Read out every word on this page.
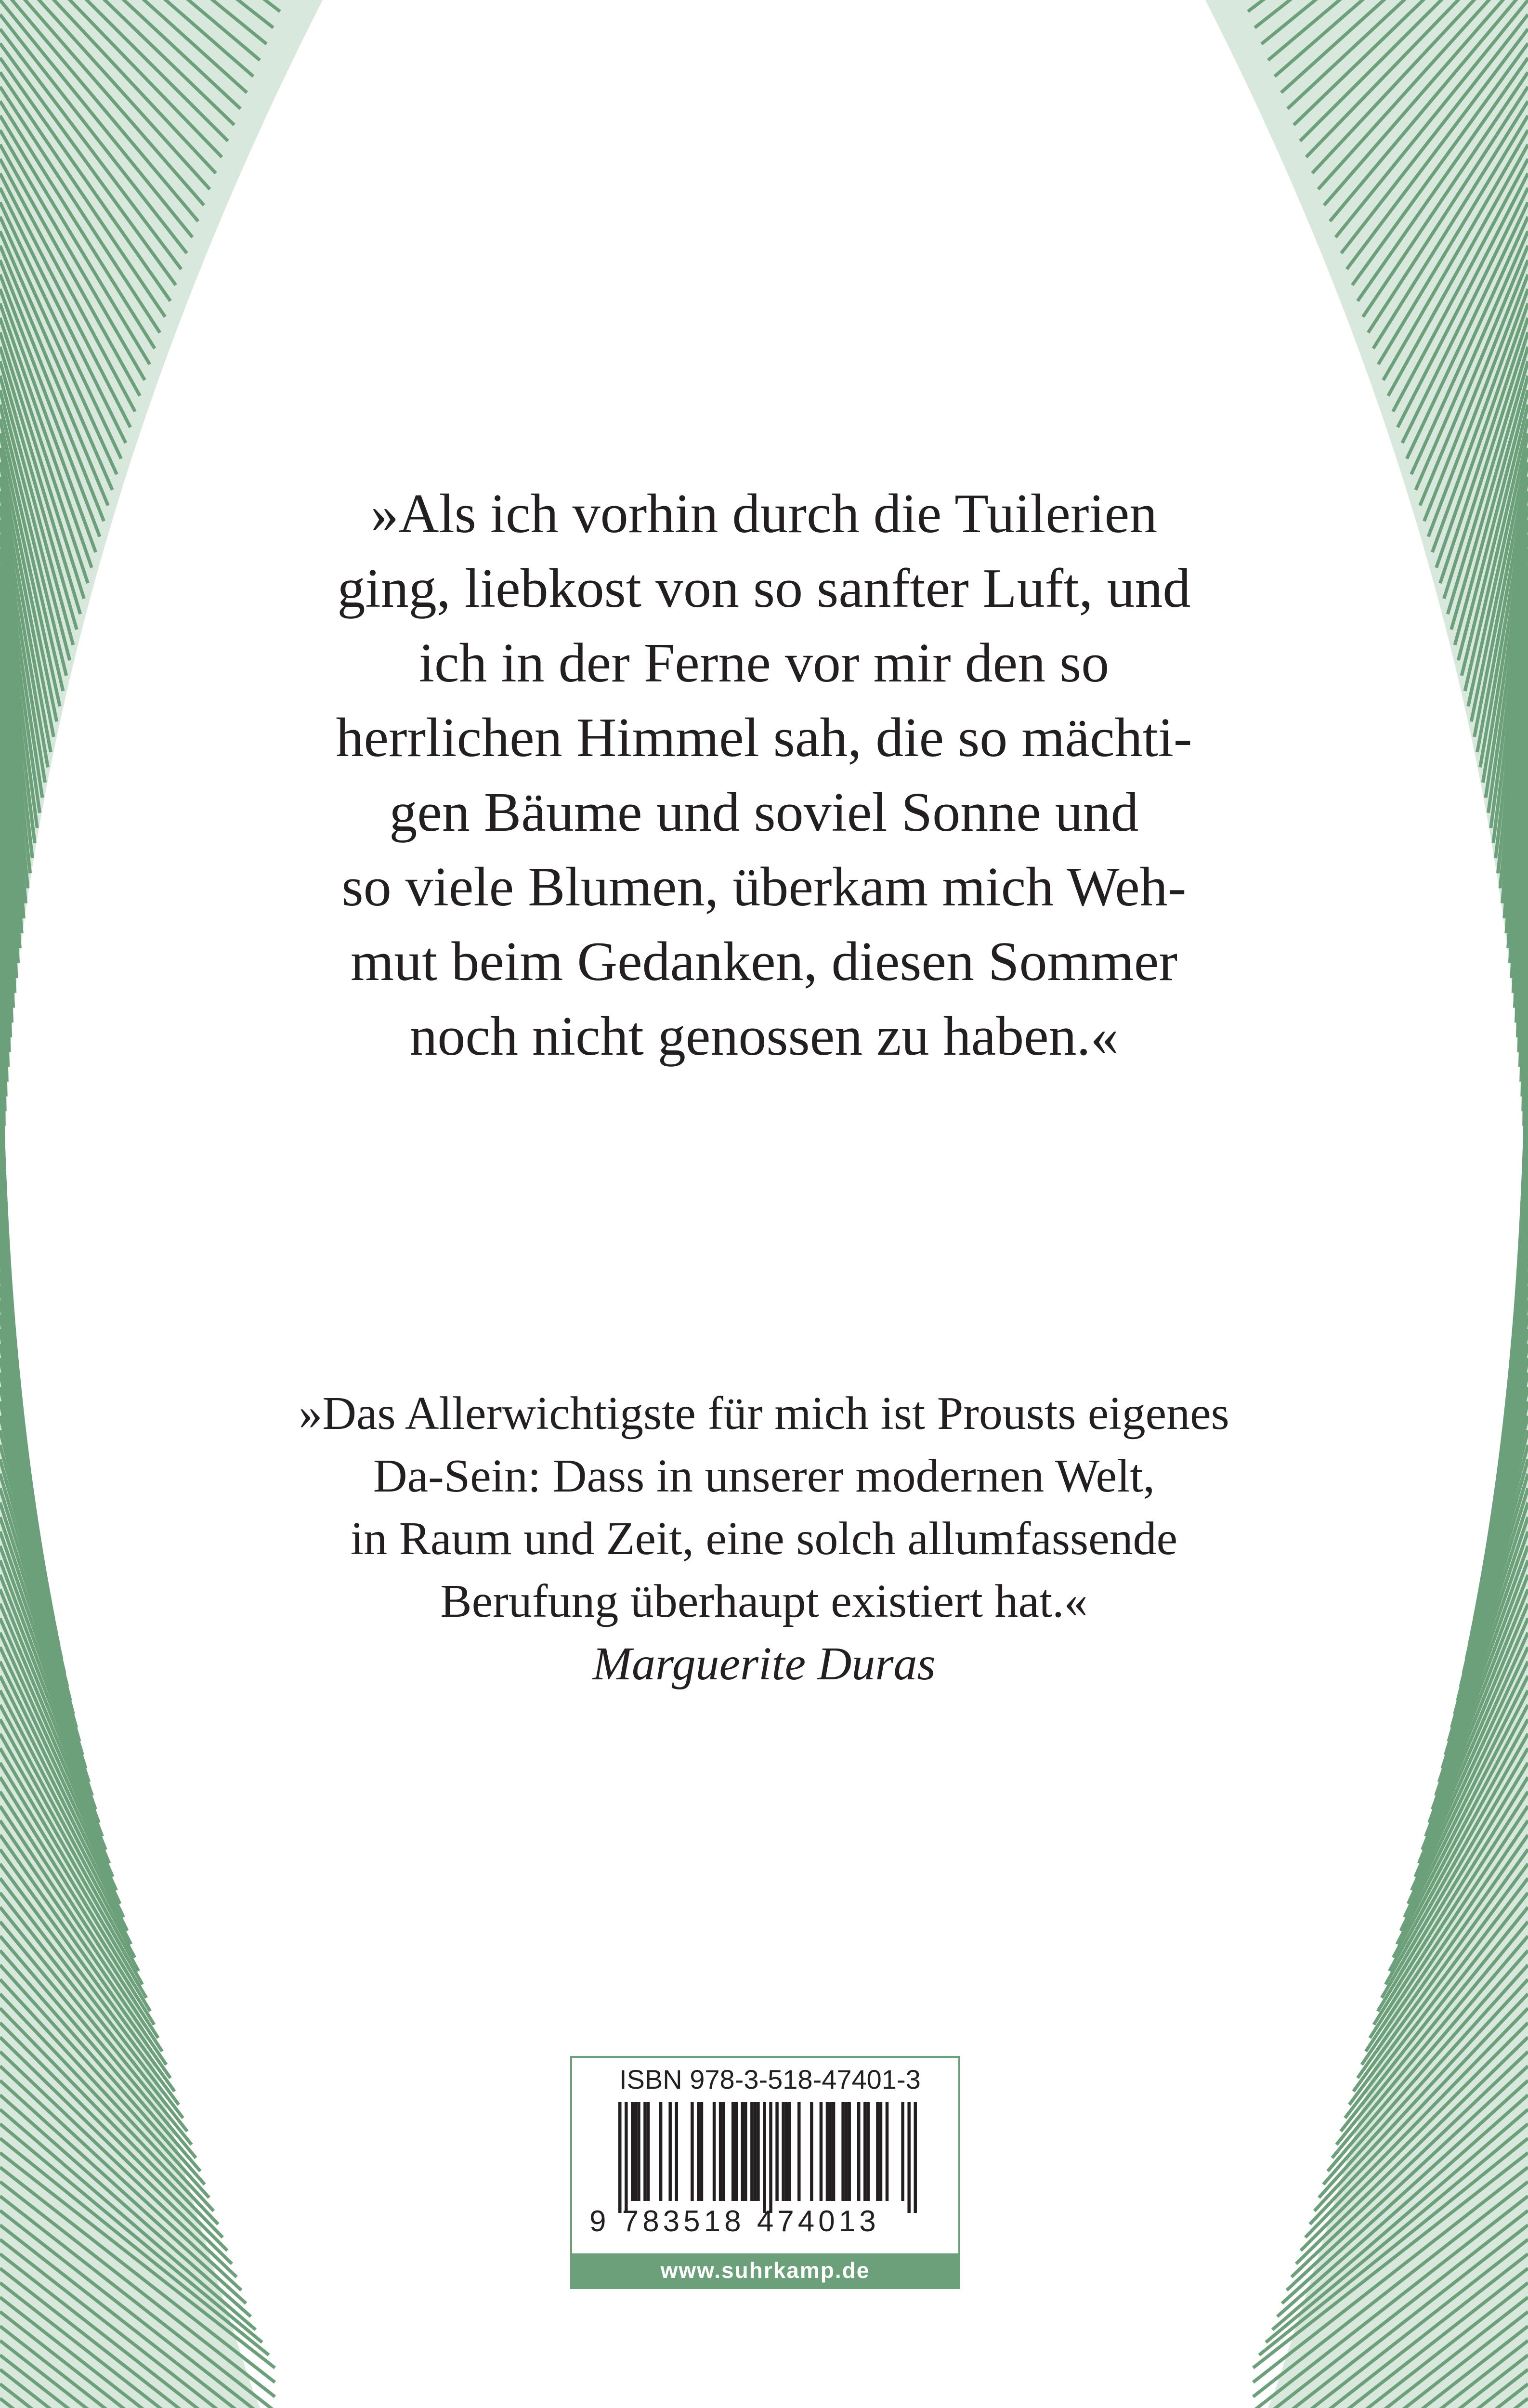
»Als ich vorhin durch die Tuilerien
ging, liebkost von so sanfter Luft, und
ich in der Ferne vor mir den so
herrlichen Himmel sah, die so mächti-
gen Bäume und soviel Sonne und
so viele Blumen, überkam mich Weh-
mut beim Gedanken, diesen Sommer
noch nicht genossen zu haben.«
»Das Allerwichtigste für mich ist Prousts eigenes
Da-Sein: Dass in unserer modernen Welt,
in Raum und Zeit, eine solch allumfassende
Berufung überhaupt existiert hat.«
Marguerite Duras
ISBN 978-3-518-47401-3
9 783518 474013
www.suhrkamp.de
